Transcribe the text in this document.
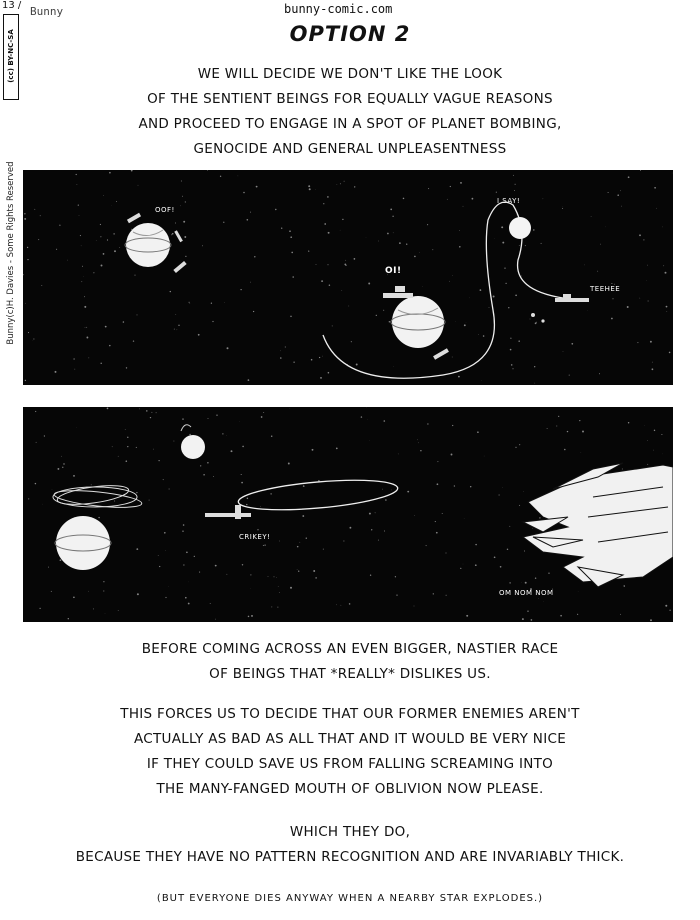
13 / Bunny	bunny-comic.com
(cc) BY-NC-SA
Bunny(c)H. Davies - Some Rights Reserved
OPTION 2
WE WILL DECIDE WE DON'T LIKE THE LOOK
OF THE SENTIENT BEINGS FOR EQUALLY VAGUE REASONS
AND PROCEED TO ENGAGE IN A SPOT OF PLANET BOMBING,
GENOCIDE AND GENERAL UNPLEASENTNESS
OOF!
OI!
I SAY!
TEEHEE
CRIKEY!
OM NOM NOM
BEFORE COMING ACROSS AN EVEN BIGGER, NASTIER RACE
OF BEINGS THAT *REALLY* DISLIKES US.
THIS FORCES US TO DECIDE THAT OUR FORMER ENEMIES AREN'T
ACTUALLY AS BAD AS ALL THAT AND IT WOULD BE VERY NICE
IF THEY COULD SAVE US FROM FALLING SCREAMING INTO
THE MANY-FANGED MOUTH OF OBLIVION NOW PLEASE.
WHICH THEY DO,
BECAUSE THEY HAVE NO PATTERN RECOGNITION AND ARE INVARIABLY THICK.
(BUT EVERYONE DIES ANYWAY WHEN A NEARBY STAR EXPLODES.)
